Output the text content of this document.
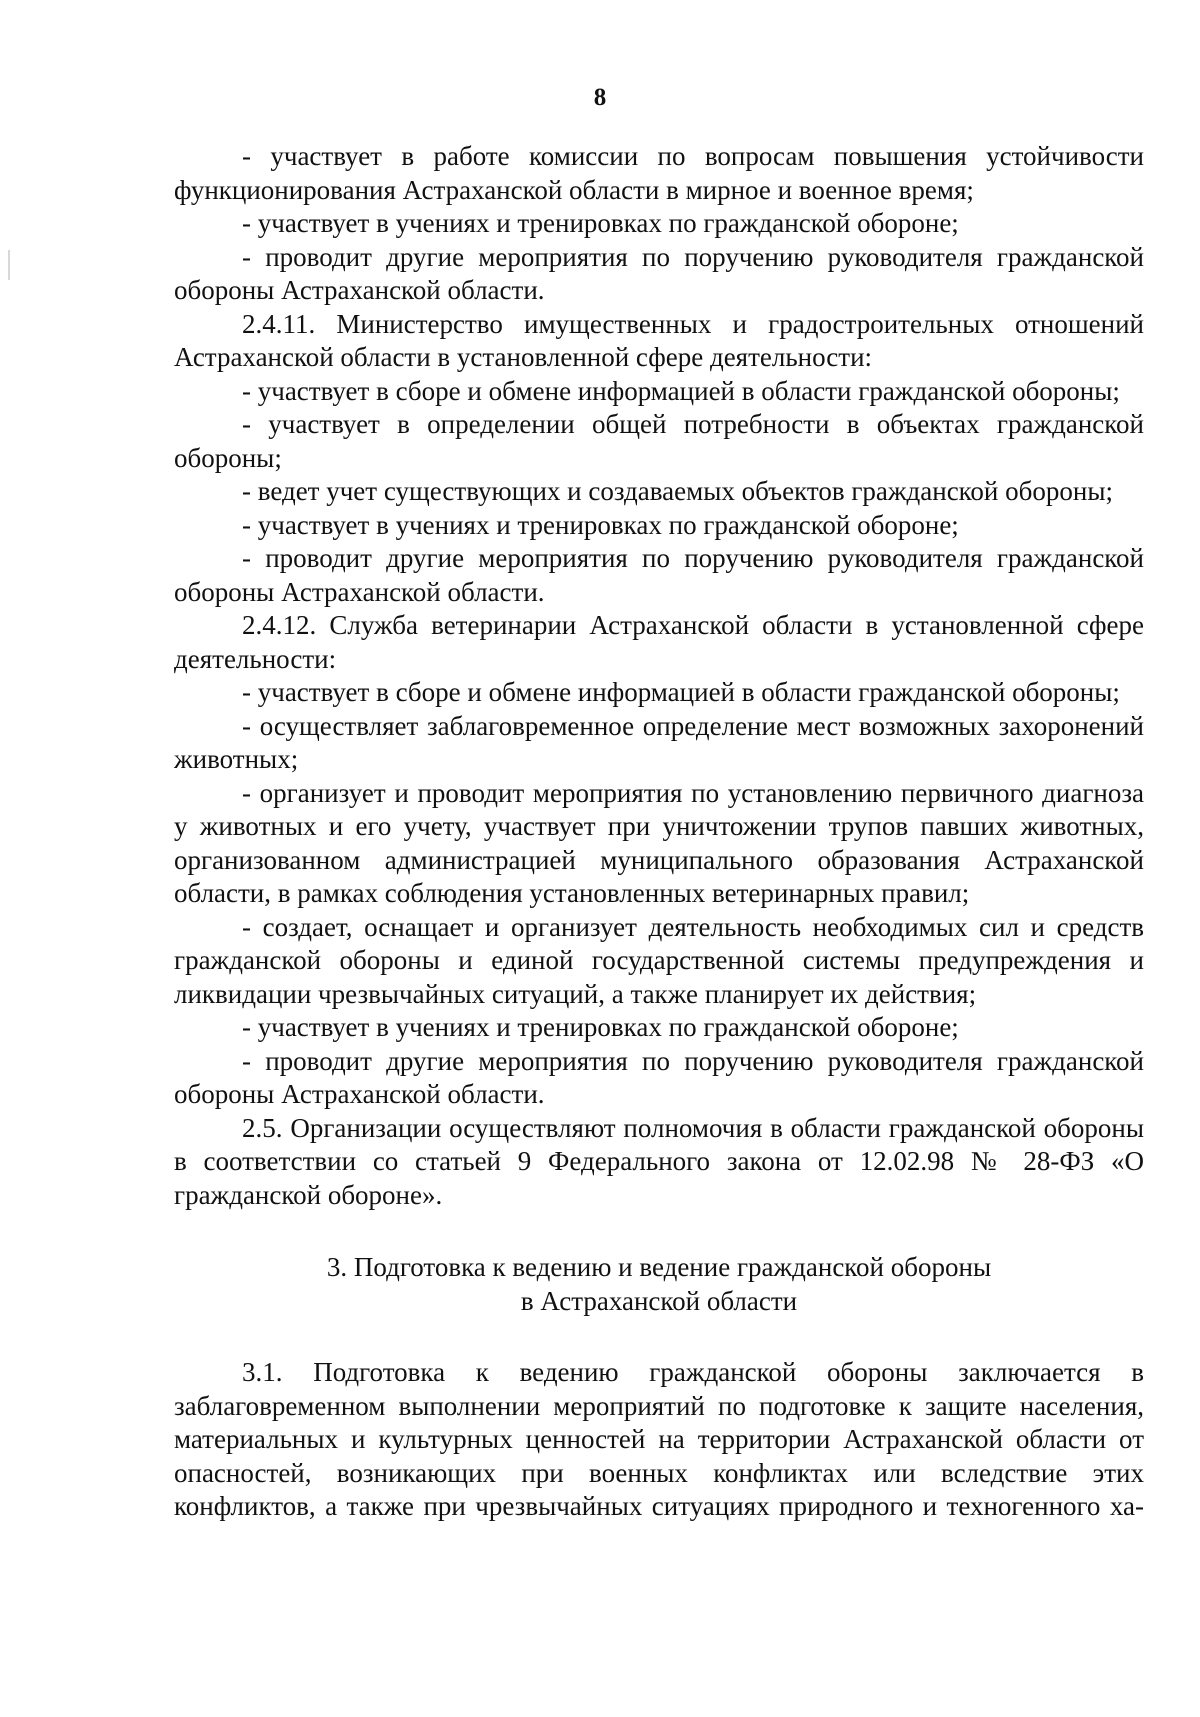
8

- участвует в работе комиссии по вопросам повышения устойчивости функционирования Астраханской области в мирное и военное время;

- участвует в учениях и тренировках по гражданской обороне;

- проводит другие мероприятия по поручению руководителя гражданской обороны Астраханской области.

2.4.11. Министерство имущественных и градостроительных отношений Астраханской области в установленной сфере деятельности:

- участвует в сборе и обмене информацией в области гражданской обороны;

- участвует в определении общей потребности в объектах гражданской обороны;

- ведет учет существующих и создаваемых объектов гражданской обороны;

- участвует в учениях и тренировках по гражданской обороне;

- проводит другие мероприятия по поручению руководителя гражданской обороны Астраханской области.

2.4.12. Служба ветеринарии Астраханской области в установленной сфере деятельности:

- участвует в сборе и обмене информацией в области гражданской обороны;

- осуществляет заблаговременное определение мест возможных захоронений животных;

- организует и проводит мероприятия по установлению первичного диагноза у животных и его учету, участвует при уничтожении трупов павших животных, организованном администрацией муниципального образования Астраханской области, в рамках соблюдения установленных ветеринарных правил;

- создает, оснащает и организует деятельность необходимых сил и средств гражданской обороны и единой государственной системы предупреждения и ликвидации чрезвычайных ситуаций, а также планирует их действия;

- участвует в учениях и тренировках по гражданской обороне;

- проводит другие мероприятия по поручению руководителя гражданской обороны Астраханской области.

2.5. Организации осуществляют полномочия в области гражданской обороны в соответствии со статьей 9 Федерального закона от 12.02.98 № 28-ФЗ «О гражданской обороне».

3. Подготовка к ведению и ведение гражданской обороны
в Астраханской области

3.1. Подготовка к ведению гражданской обороны заключается в заблаговременном выполнении мероприятий по подготовке к защите населения, материальных и культурных ценностей на территории Астраханской области от опасностей, возникающих при военных конфликтах или вследствие этих конфликтов, а также при чрезвычайных ситуациях природного и техногенного ха-
